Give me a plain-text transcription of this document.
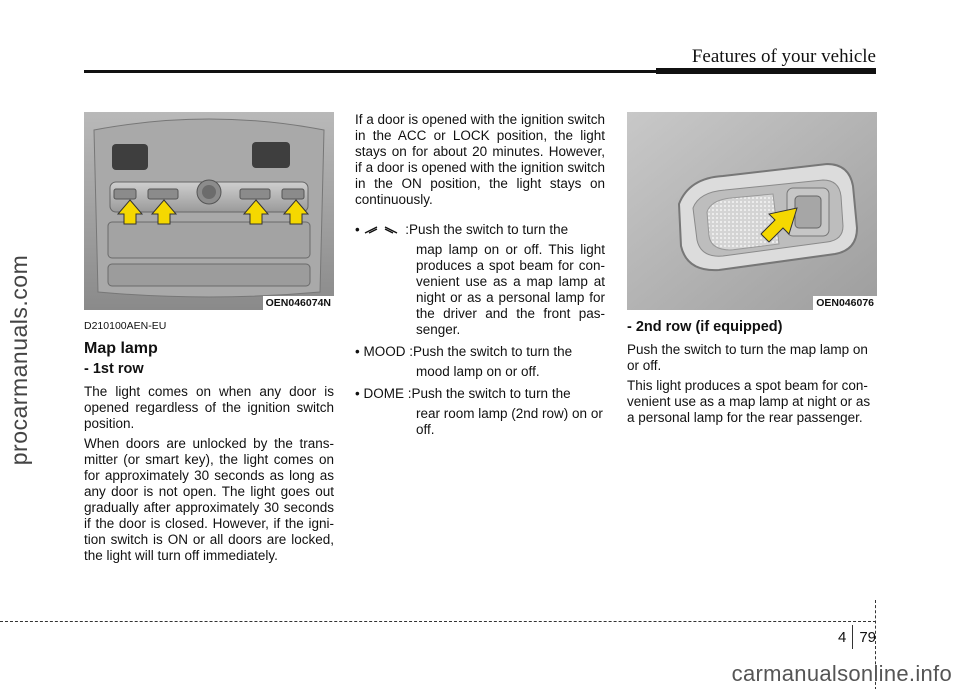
procarmanuals.com
Features of your vehicle
OEN046074N
D210100AEN-EU
Map lamp
- 1st row

The light comes on when any door is opened regardless of the ignition switch position.

When doors are unlocked by the trans-mitter (or smart key), the light comes on for approximately 30 seconds as long as any door is not open. The light goes out gradually after approximately 30 seconds if the door is closed. However, if the igni-tion switch is ON or all doors are locked, the light will turn off immediately.

If a door is opened with the ignition switch in the ACC or LOCK position, the light stays on for about 20 minutes. However, if a door is opened with the ignition switch in the ON position, the light stays on continuously.

•	: Push the switch to turn the
map lamp on or off. This light produces a spot beam for con-venient use as a map lamp at night or as a personal lamp for the driver and the front pas-senger.
• MOOD : Push the switch to turn the
mood lamp on or off.
• DOME : Push the switch to turn the
rear room lamp (2nd row) on or off.
OEN046076
- 2nd row (if equipped)

Push the switch to turn the map lamp on or off.

This light produces a spot beam for con-venient use as a map lamp at night or as a personal lamp for the rear passenger.

4 79
carmanualsonline.info
